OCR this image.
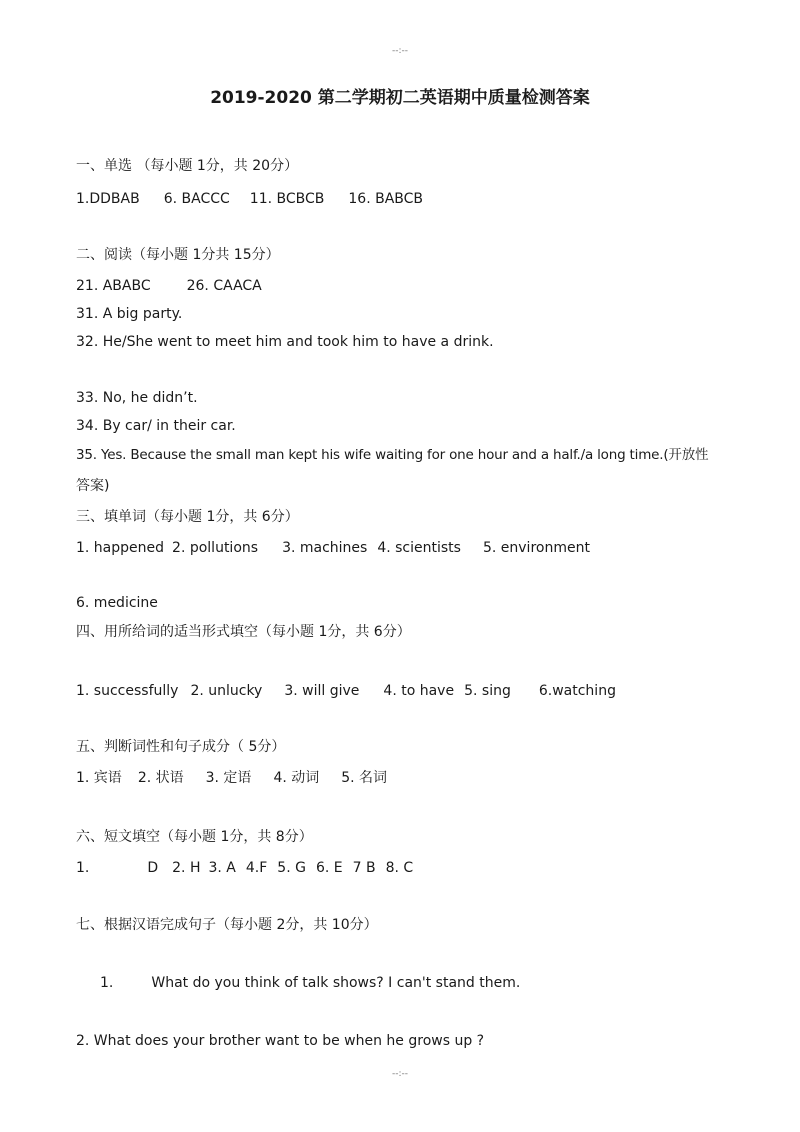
--:--
2019-2020 第二学期初二英语期中质量检测答案
一、单选 （每小题 1分，共 20分）
1.DDBAB 6. BACCC 11. BCBCB 16. BABCB
二、阅读（每小题 1分共 15分）
21. ABABC	26. CAACA
31. A big party.
32. He/She went to meet him and took him to have a drink.
33. No, he didn’t.
34. By car/ in their car.
35. Yes. Because the small man kept his wife waiting for one hour and a half./a long time.(开放性
答案)
三、填单词（每小题 1分，共 6分）
1. happened 2. pollutions 3. machines 4. scientists 5. environment
6. medicine
四、用所给词的适当形式填空（每小题 1分，共 6分）
1. successfully 2. unlucky 3. will give 4. to have 5. sing 6.watching
五、判断词性和句子成分（ 5分）
1. 宾语 2. 状语 3. 定语 4. 动词 5. 名词
六、短文填空（每小题 1分，共 8分）
1.	D 2. H 3. A 4.F 5. G 6. E 7 B 8. C
七、根据汉语完成句子（每小题 2分，共 10分）
1.	What do you think of talk shows? I can't stand them.
2. What does your brother want to be when he grows up ?
--:--
